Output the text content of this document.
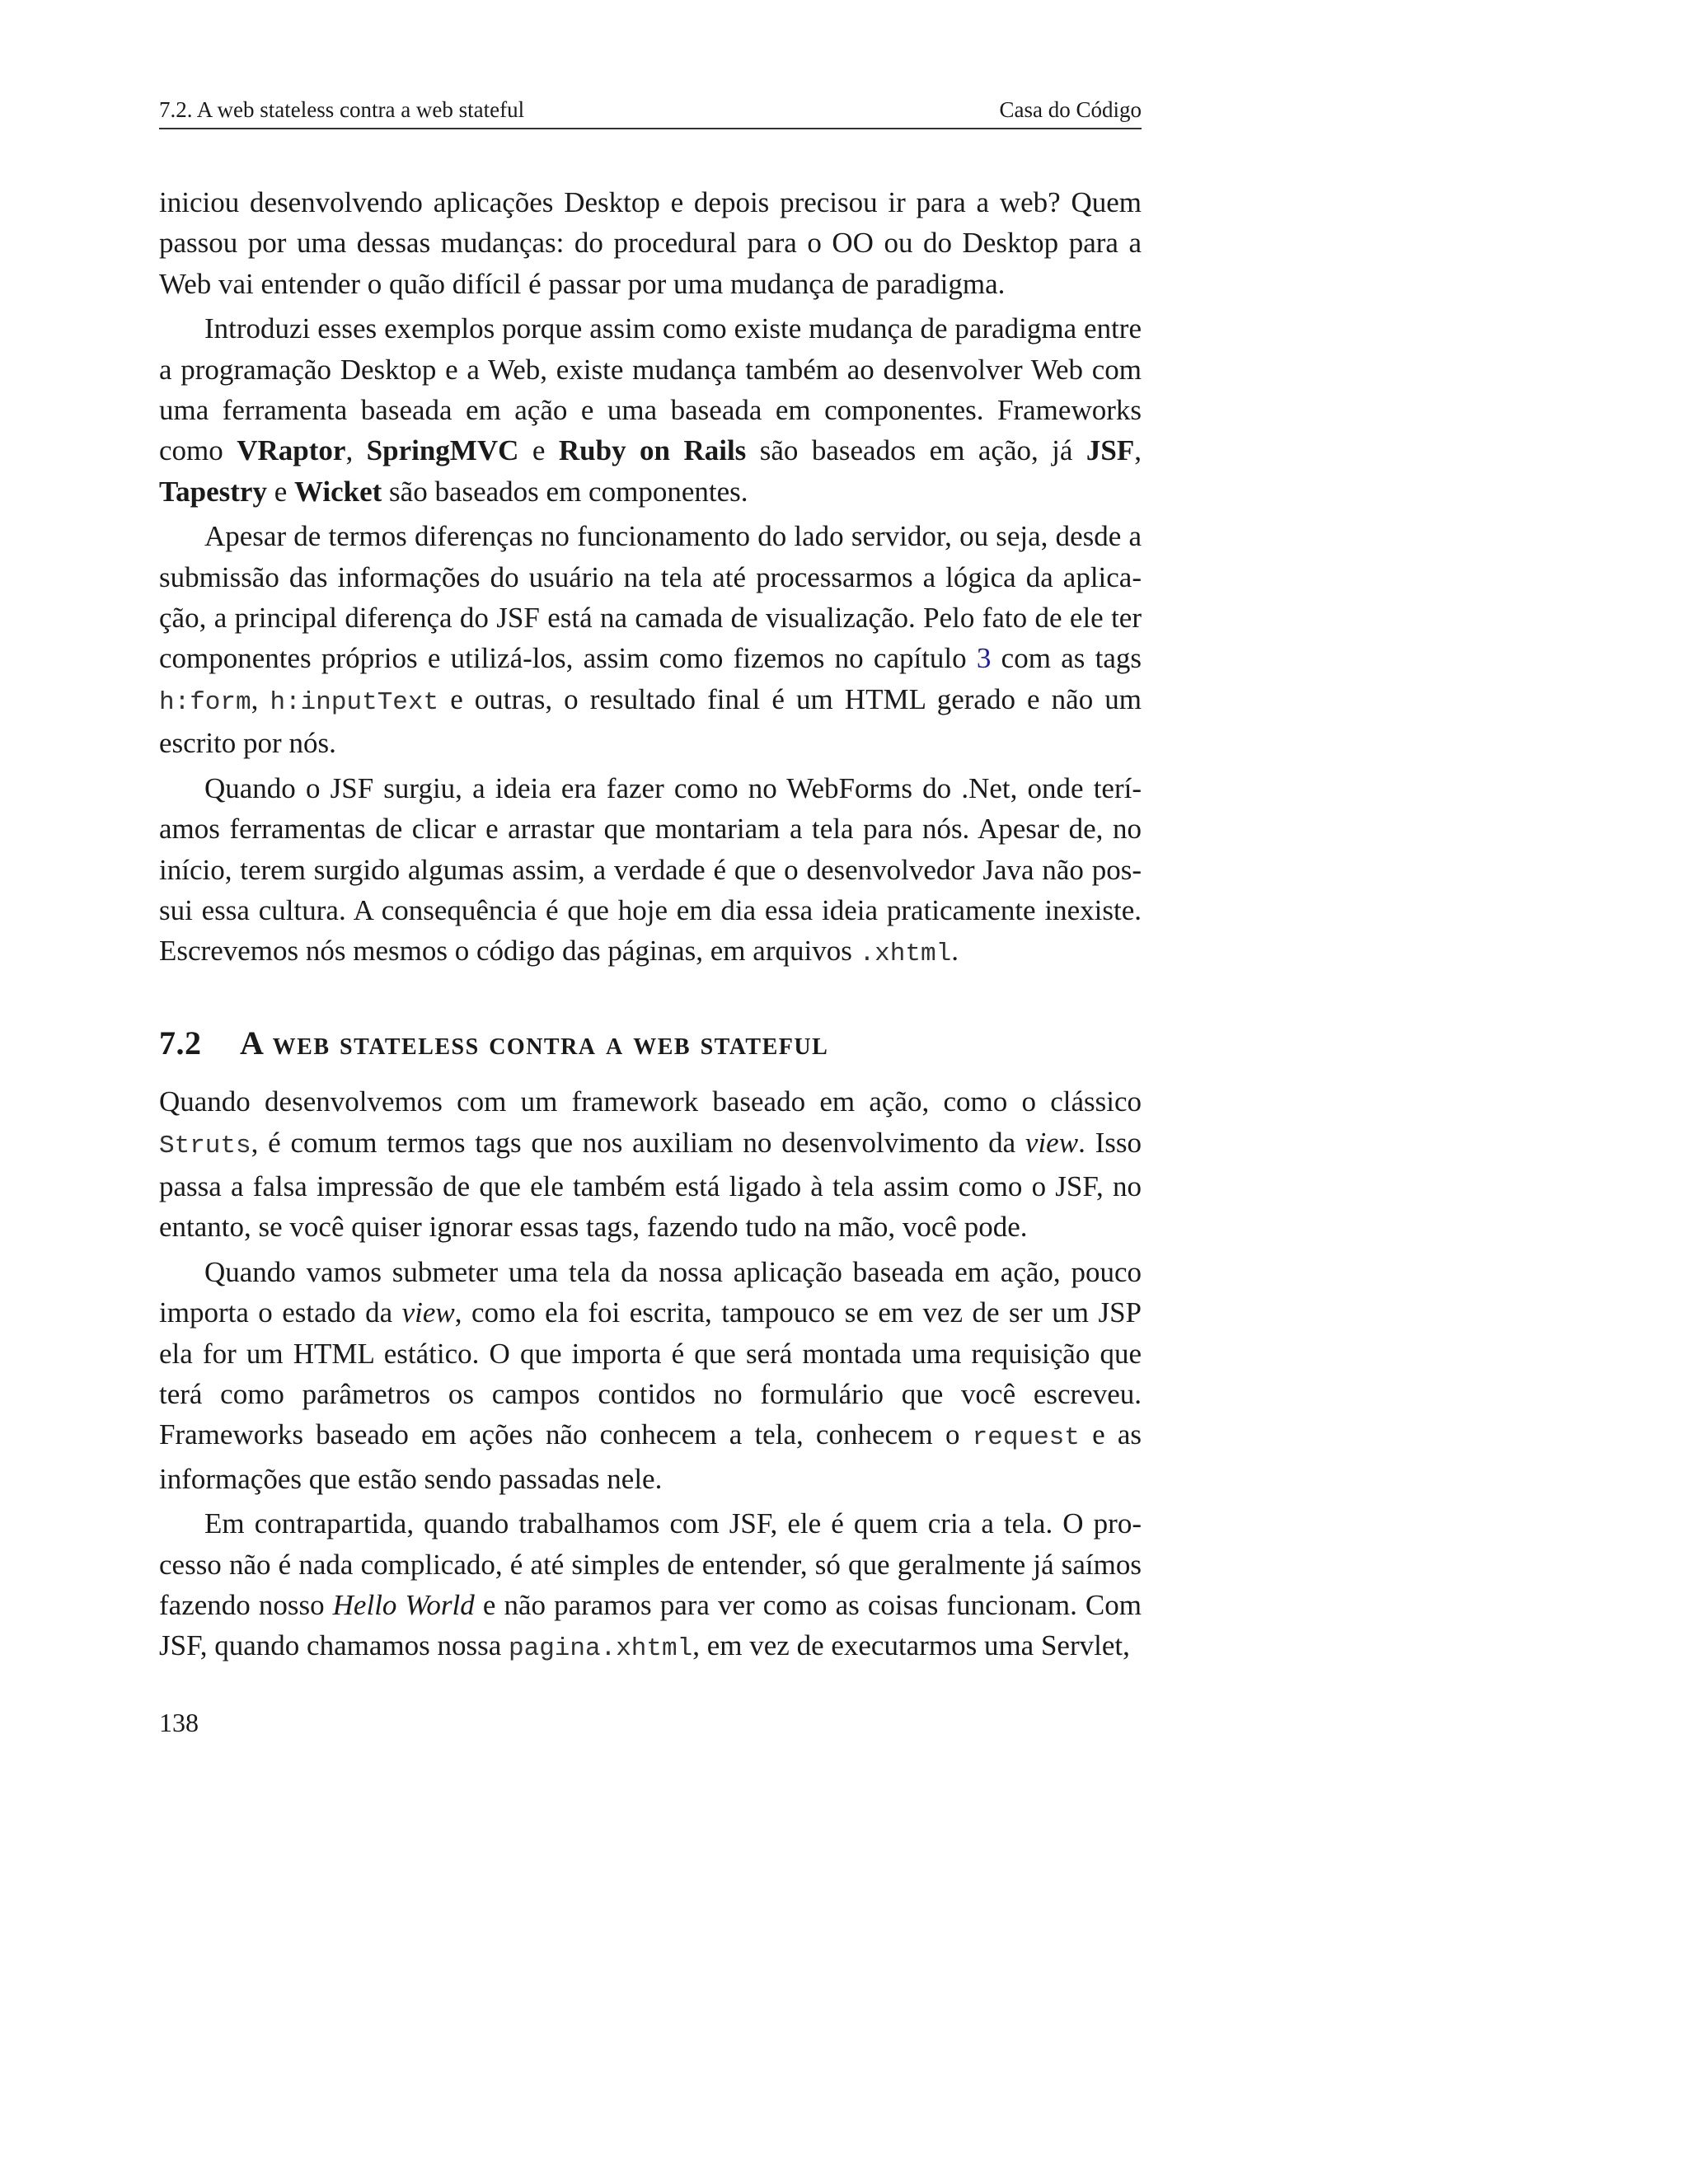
7.2. A web stateless contra a web stateful	Casa do Código

iniciou desenvolvendo aplicações Desktop e depois precisou ir para a web? Quem passou por uma dessas mudanças: do procedural para o OO ou do Desktop para a Web vai entender o quão difícil é passar por uma mudança de paradigma.

Introduzi esses exemplos porque assim como existe mudança de paradigma entre a programação Desktop e a Web, existe mudança também ao desenvolver Web com uma ferramenta baseada em ação e uma baseada em componentes. Frameworks como VRaptor, SpringMVC e Ruby on Rails são baseados em ação, já JSF, Tapestry e Wicket são baseados em componentes.

Apesar de termos diferenças no funcionamento do lado servidor, ou seja, desde a submissão das informações do usuário na tela até processarmos a lógica da aplicação, a principal diferença do JSF está na camada de visualização. Pelo fato de ele ter componentes próprios e utilizá-los, assim como fizemos no capítulo 3 com as tags h:form, h:inputText e outras, o resultado final é um HTML gerado e não um escrito por nós.

Quando o JSF surgiu, a ideia era fazer como no WebForms do .Net, onde teríamos ferramentas de clicar e arrastar que montariam a tela para nós. Apesar de, no início, terem surgido algumas assim, a verdade é que o desenvolvedor Java não possui essa cultura. A consequência é que hoje em dia essa ideia praticamente inexiste. Escrevemos nós mesmos o código das páginas, em arquivos .xhtml.

7.2	A web stateless contra a web stateful

Quando desenvolvemos com um framework baseado em ação, como o clássico Struts, é comum termos tags que nos auxiliam no desenvolvimento da view. Isso passa a falsa impressão de que ele também está ligado à tela assim como o JSF, no entanto, se você quiser ignorar essas tags, fazendo tudo na mão, você pode.

Quando vamos submeter uma tela da nossa aplicação baseada em ação, pouco importa o estado da view, como ela foi escrita, tampouco se em vez de ser um JSP ela for um HTML estático. O que importa é que será montada uma requisição que terá como parâmetros os campos contidos no formulário que você escreveu. Frameworks baseado em ações não conhecem a tela, conhecem o request e as informações que estão sendo passadas nele.

Em contrapartida, quando trabalhamos com JSF, ele é quem cria a tela. O processo não é nada complicado, é até simples de entender, só que geralmente já saímos fazendo nosso Hello World e não paramos para ver como as coisas funcionam. Com JSF, quando chamamos nossa pagina.xhtml, em vez de executarmos uma Servlet,

138
